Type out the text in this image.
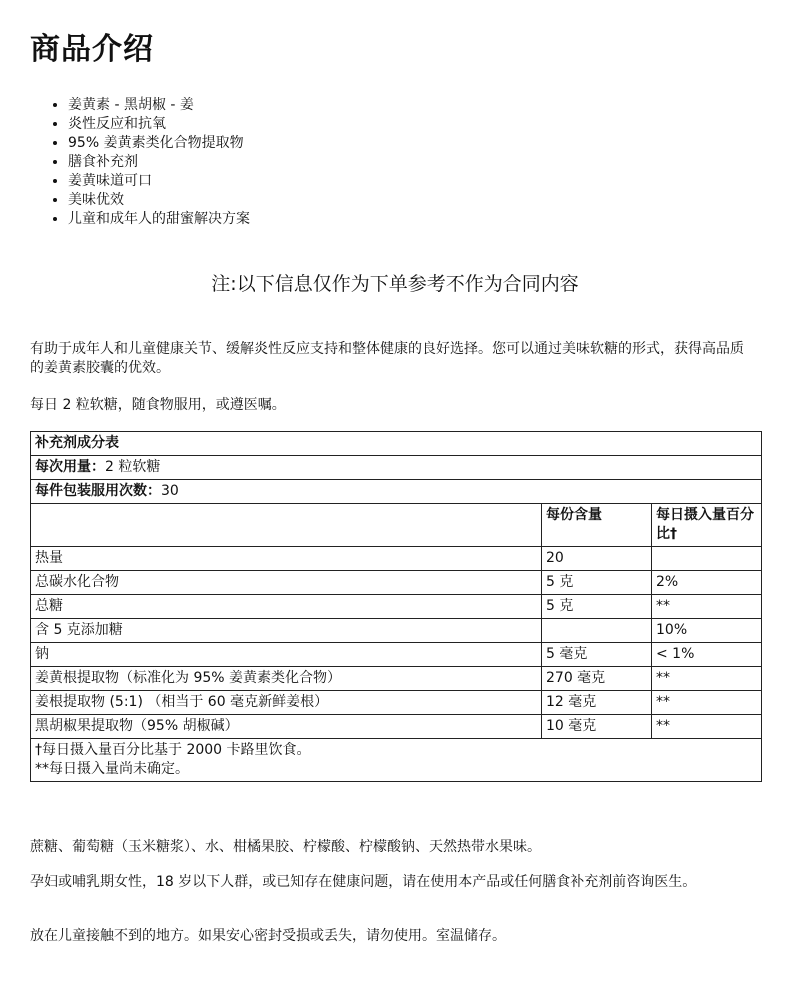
商品介绍
• 姜黄素 - 黑胡椒 - 姜
• 炎性反应和抗氧
• 95% 姜黄素类化合物提取物
• 膳食补充剂
• 姜黄味道可口
• 美味优效
• 儿童和成年人的甜蜜解决方案
注:以下信息仅作为下单参考不作为合同内容

有助于成年人和儿童健康关节、缓解炎性反应支持和整体健康的良好选择。您可以通过美味软糖的形式，获得高品质的姜黄素胶囊的优效。

每日 2 粒软糖，随食物服用，或遵医嘱。

补充剂成分表		
每次用量：2 粒软糖		
每件包装服用次数：30		
	每份含量	每日摄入量百分比†
热量	20	
总碳水化合物	5 克	2%
总糖	5 克	**
含 5 克添加糖		10%
钠	5 毫克	< 1%
姜黄根提取物（标准化为 95% 姜黄素类化合物）	270 毫克	**
姜根提取物 (5:1) （相当于 60 毫克新鲜姜根）	12 毫克	**
黑胡椒果提取物（95% 胡椒碱）	10 毫克	**

†每日摄入量百分比基于 2000 卡路里饮食。
**每日摄入量尚未确定。		

蔗糖、葡萄糖（玉米糖浆）、水、柑橘果胶、柠檬酸、柠檬酸钠、天然热带水果味。

孕妇或哺乳期女性，18 岁以下人群，或已知存在健康问题，请在使用本产品或任何膳食补充剂前咨询医生。

放在儿童接触不到的地方。如果安心密封受损或丢失，请勿使用。室温储存。
